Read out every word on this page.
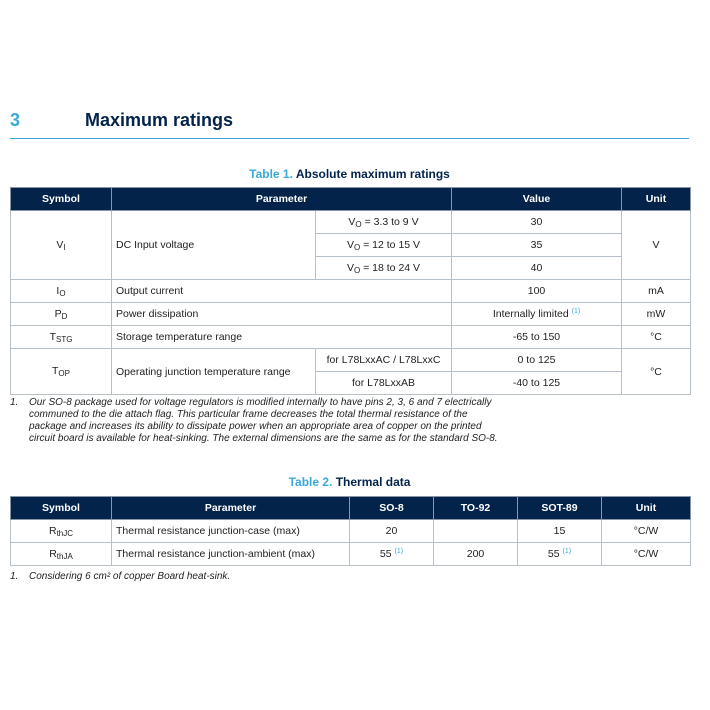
3	Maximum ratings
Table 1. Absolute maximum ratings
Symbol	Parameter		Value	Unit
$V_I$	DC Input voltage	$V_O = 3.3$ to 9 V	30	V
		$V_O = 12$ to 15 V	35	
		$V_O = 18$ to 24 V	40	
$I_O$	Output current		100	mA
$P_D$	Power dissipation		Internally limited $^{(1)}$	mW
$T_{STG}$	Storage temperature range		-65 to 150	°C
$T_{OP}$	Operating junction temperature range	for L78LxxAC / L78LxxC	0 to 125	°C
		for L78LxxAB	-40 to 125	
1.	Our SO-8 package used for voltage regulators is modified internally to have pins 2, 3, 6 and 7 electrically
communed to the die attach flag. This particular frame decreases the total thermal resistance of the
package and increases its ability to dissipate power when an appropriate area of copper on the printed
circuit board is available for heat-sinking. The external dimensions are the same as for the standard SO-8.
Table 2. Thermal data
Symbol	Parameter	SO-8	TO-92	SOT-89	Unit
$R_{thJC}$	Thermal resistance junction-case (max)	20		15	°C/W
$R_{thJA}$	Thermal resistance junction-ambient (max)	55 $^{(1)}$	200	55 $^{(1)}$	°C/W
1.	Considering 6 cm² of copper Board heat-sink.
